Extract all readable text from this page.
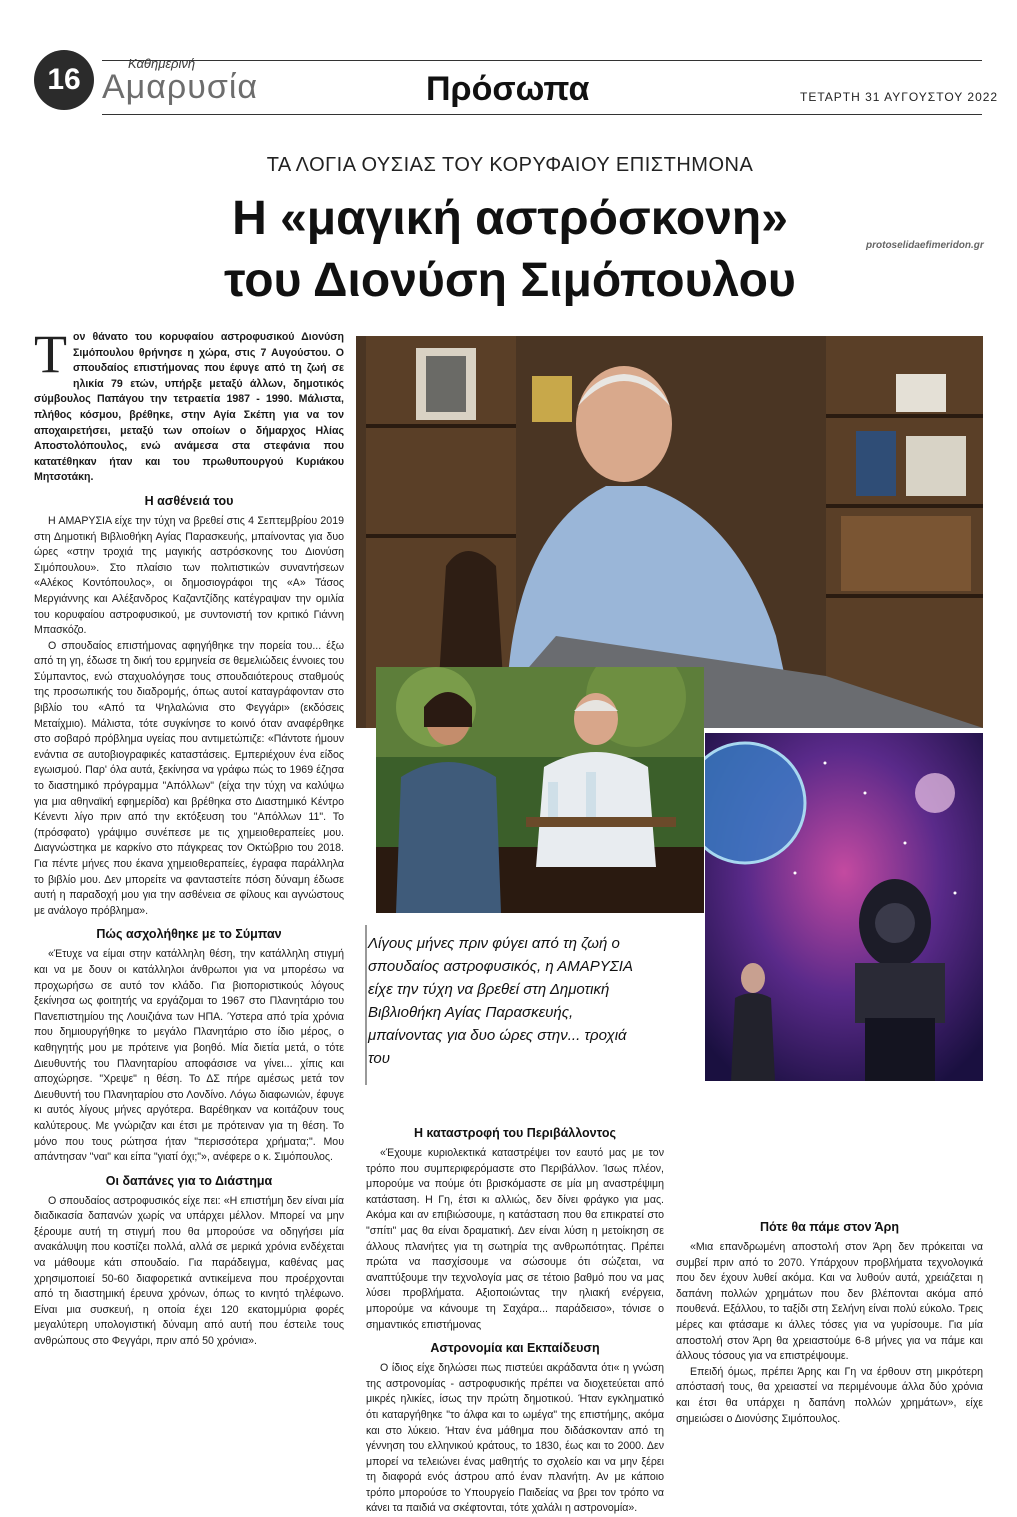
16	Καθημερινή
Αμαρυσία	Πρόσωπα	ΤΕΤΑΡΤΗ 31 ΑΥΓΟΥΣΤΟΥ 2022
ΤΑ ΛΟΓΙΑ ΟΥΣΙΑΣ ΤΟΥ ΚΟΡΥΦΑΙΟΥ ΕΠΙΣΤΗΜΟΝΑ
Η «μαγική αστρόσκονη»
του Διονύση Σιμόπουλου
protoselidaefimeridon.gr

Τον θάνατο του κορυφαίου αστροφυσικού Διονύση Σιμόπουλου θρήνησε η χώρα, στις 7 Αυγούστου. Ο σπουδαίος επιστήμονας που έφυγε από τη ζωή σε ηλικία 79 ετών, υπήρξε μεταξύ άλλων, δημοτικός σύμβουλος Παπάγου την τετραετία 1987 - 1990. Μάλιστα, πλήθος κόσμου, βρέθηκε, στην Αγία Σκέπη για να τον αποχαιρετήσει, μεταξύ των οποίων ο δήμαρχος Ηλίας Αποστολόπουλος, ενώ ανάμεσα στα στεφάνια που κατατέθηκαν ήταν και του πρωθυπουργού Κυριάκου Μητσοτάκη.

Η ασθένειά του

Η ΑΜΑΡΥΣΙΑ είχε την τύχη να βρεθεί στις 4 Σεπτεμβρίου 2019 στη Δημοτική Βιβλιοθήκη Αγίας Παρασκευής, μπαίνοντας για δυο ώρες «στην τροχιά της μαγικής αστρόσκονης του Διονύση Σιμόπουλου». Στο πλαίσιο των πολιτιστικών συναντήσεων «Αλέκος Κοντόπουλος», οι δημοσιογράφοι της «Α» Τάσος Μεργιάννης και Αλέξανδρος Καζαντζίδης κατέγραψαν την ομιλία του κορυφαίου αστροφυσικού, με συντονιστή τον κριτικό Γιάννη Μπασκόζο.

Ο σπουδαίος επιστήμονας αφηγήθηκε την πορεία του... έξω από τη γη, έδωσε τη δική του ερμηνεία σε θεμελιώδεις έννοιες του Σύμπαντος, ενώ σταχυολόγησε τους σπουδαιότερους σταθμούς της προσωπικής του διαδρομής, όπως αυτοί καταγράφονταν στο βιβλίο του «Από τα Ψηλαλώνια στο Φεγγάρι» (εκδόσεις Μεταίχμιο). Μάλιστα, τότε συγκίνησε το κοινό όταν αναφέρθηκε στο σοβαρό πρόβλημα υγείας που αντιμετώπιζε: «Πάντοτε ήμουν ενάντια σε αυτοβιογραφικές καταστάσεις. Εμπεριέχουν ένα είδος εγωισμού. Παρ' όλα αυτά, ξεκίνησα να γράφω πώς το 1969 έζησα το διαστημικό πρόγραμμα "Απόλλων" (είχα την τύχη να καλύψω για μια αθηναϊκή εφημερίδα) και βρέθηκα στο Διαστημικό Κέντρο Κένεντι λίγο πριν από την εκτόξευση του "Απόλλων 11". Το (πρόσφατο) γράψιμο συνέπεσε με τις χημειοθεραπείες μου. Διαγνώστηκα με καρκίνο στο πάγκρεας τον Οκτώβριο του 2018. Για πέντε μήνες που έκανα χημειοθεραπείες, έγραφα παράλληλα το βιβλίο μου. Δεν μπορείτε να φανταστείτε πόση δύναμη έδωσε αυτή η παραδοχή μου για την ασθένεια σε φίλους και αγνώστους με ανάλογο πρόβλημα».

Πώς ασχολήθηκε με το Σύμπαν

«Έτυχε να είμαι στην κατάλληλη θέση, την κατάλληλη στιγμή και να με δουν οι κατάλληλοι άνθρωποι για να μπορέσω να προχωρήσω σε αυτό τον κλάδο. Για βιοποριστικούς λόγους ξεκίνησα ως φοιτητής να εργάζομαι το 1967 στο Πλανητάριο του Πανεπιστημίου της Λουιζιάνα των ΗΠΑ. Ύστερα από τρία χρόνια που δημιουργήθηκε το μεγάλο Πλανητάριο στο ίδιο μέρος, ο καθηγητής μου με πρότεινε για βοηθό. Μία διετία μετά, ο τότε Διευθυντής του Πλανηταρίου αποφάσισε να γίνει... χίπις και αποχώρησε. "Χρεψε" η θέση. Το ΔΣ πήρε αμέσως μετά τον Διευθυντή του Πλανηταρίου στο Λονδίνο. Λόγω διαφωνιών, έφυγε κι αυτός λίγους μήνες αργότερα. Βαρέθηκαν να κοιτάζουν τους καλύτερους. Με γνώριζαν και έτσι με πρότειναν για τη θέση. Το μόνο που τους ρώτησα ήταν "περισσότερα χρήματα;". Μου απάντησαν "ναι" και είπα "γιατί όχι;"», ανέφερε ο κ. Σιμόπουλος.

Οι δαπάνες για το Διάστημα

Ο σπουδαίος αστροφυσικός είχε πει: «Η επιστήμη δεν είναι μία διαδικασία δαπανών χωρίς να υπάρχει μέλλον. Μπορεί να μην ξέρουμε αυτή τη στιγμή που θα μπορούσε να οδηγήσει μία ανακάλυψη που κοστίζει πολλά, αλλά σε μερικά χρόνια ενδέχεται να μάθουμε κάτι σπουδαίο. Για παράδειγμα, καθένας μας χρησιμοποιεί 50-60 διαφορετικά αντικείμενα που προέρχονται από τη διαστημική έρευνα χρόνων, όπως το κινητό τηλέφωνο. Είναι μια συσκευή, η οποία έχει 120 εκατομμύρια φορές μεγαλύτερη υπολογιστική δύναμη από αυτή που έστειλε τους ανθρώπους στο Φεγγάρι, πριν από 50 χρόνια».

Λίγους μήνες πριν φύγει από τη ζωή ο σπουδαίος αστροφυσικός, η ΑΜΑΡΥΣΙΑ είχε την τύχη να βρεθεί στη Δημοτική Βιβλιοθήκη Αγίας Παρασκευής, μπαίνοντας για δυο ώρες στην... τροχιά του
Η καταστροφή του Περιβάλλοντος

«Έχουμε κυριολεκτικά καταστρέψει τον εαυτό μας με τον τρόπο που συμπεριφερόμαστε στο Περιβάλλον. Ίσως πλέον, μπορούμε να πούμε ότι βρισκόμαστε σε μία μη αναστρέψιμη κατάσταση. Η Γη, έτσι κι αλλιώς, δεν δίνει φράγκο για μας. Ακόμα και αν επιβιώσουμε, η κατάσταση που θα επικρατεί στο "σπίτι" μας θα είναι δραματική. Δεν είναι λύση η μετοίκηση σε άλλους πλανήτες για τη σωτηρία της ανθρωπότητας. Πρέπει πρώτα να πασχίσουμε να σώσουμε ότι σώζεται, να αναπτύξουμε την τεχνολογία μας σε τέτοιο βαθμό που να μας λύσει προβλήματα. Αξιοποιώντας την ηλιακή ενέργεια, μπορούμε να κάνουμε τη Σαχάρα... παράδεισο», τόνισε ο σημαντικός επιστήμονας

Αστρονομία και Εκπαίδευση

Ο ίδιος είχε δηλώσει πως πιστεύει ακράδαντα ότι« η γνώση της αστρονομίας - αστροφυσικής πρέπει να διοχετεύεται από μικρές ηλικίες, ίσως την πρώτη δημοτικού. Ήταν εγκληματικό ότι καταργήθηκε "το άλφα και το ωμέγα" της επιστήμης, ακόμα και στο λύκειο. Ήταν ένα μάθημα που διδάσκονταν από τη γέννηση του ελληνικού κράτους, το 1830, έως και το 2000. Δεν μπορεί να τελειώνει ένας μαθητής το σχολείο και να μην ξέρει τη διαφορά ενός άστρου από έναν πλανήτη. Αν με κάποιο τρόπο μπορούσε το Υπουργείο Παιδείας να βρει τον τρόπο να κάνει τα παιδιά να σκέφτονται, τότε χαλάλι η αστρονομία».

Πότε θα πάμε στον Άρη

«Μια επανδρωμένη αποστολή στον Άρη δεν πρόκειται να συμβεί πριν από το 2070. Υπάρχουν προβλήματα τεχνολογικά που δεν έχουν λυθεί ακόμα. Και να λυθούν αυτά, χρειάζεται η δαπάνη πολλών χρημάτων που δεν βλέπονται ακόμα από πουθενά. Εξάλλου, το ταξίδι στη Σελήνη είναι πολύ εύκολο. Τρεις μέρες και φτάσαμε κι άλλες τόσες για να γυρίσουμε. Για μία αποστολή στον Άρη θα χρειαστούμε 6-8 μήνες για να πάμε και άλλους τόσους για να επιστρέψουμε.

Επειδή όμως, πρέπει Άρης και Γη να έρθουν στη μικρότερη απόστασή τους, θα χρειαστεί να περιμένουμε άλλα δύο χρόνια και έτσι θα υπάρχει η δαπάνη πολλών χρημάτων», είχε σημειώσει ο Διονύσης Σιμόπουλος.
